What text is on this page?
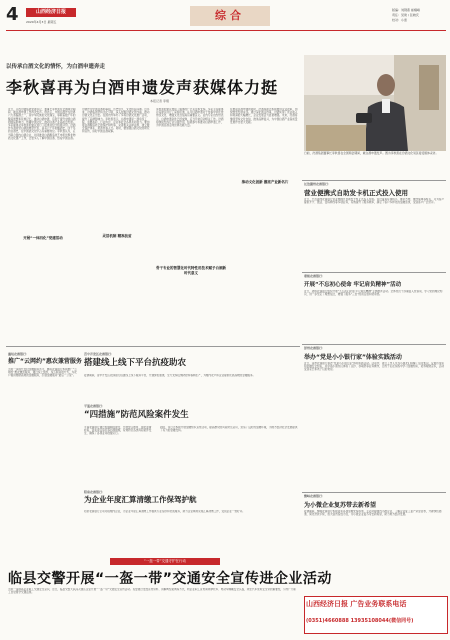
4	山西经济日报
2020年4月3日 星期五	综合	版编：刘钢燕 崔耀峰
责任：吴建 / 张晓庆
校对：小雷
以传承白酒文化的情怀，为白酒申遗奔走
李秋喜再为白酒申遗发声获媒体力挺
本报记者 李翔
近日，山西汾酒集团党委书记、董事长李秋喜在全国两会期间，就白酒申遗工作再次发声。他表示，中国白酒作为世界六大蒸馏酒之一，是中华民族的文化瑰宝，承载着数千年的酿造智慧和民族记忆。推动白酒申遗，有利于提升中国白酒的国际影响力，传播中国文化，推动白酒产业高质量发展。多家媒体对李秋喜的建议进行了报道并给予积极评价。汾酒作为清香型白酒的典型代表，具有六千年的酿酒史、四千年的白酒史，在中国酒文化中占有重要地位。李秋喜认为，应当联合国内白酒企业，共同推进白酒酿造技艺申报世界非物质文化遗产工作，让更多人了解中国白酒、热爱中国白酒。
汾酒作为中国白酒的鼻祖，历史悠久，文化积淀深厚。近年来，汾酒集团坚持文化引领，深入挖掘汾酒文化内涵，推动汾酒文化走出去。在国内外举办了多场汾酒文化推广活动，提升了品牌影响力。李秋喜表示，白酒申遗是一项系统工程，需要政府、行业协会、企业和社会各界共同努力。要加强白酒酿造技艺的保护和传承，完善相关法律法规，建立健全保护体系，培养传承人才。同时，要加强白酒文化的研究和宣传，讲好中国白酒故事。
李秋喜的建议得到了媒体的广泛关注和支持。多家主流媒体对其建议进行了深度报道，认为白酒申遗对于传承中华优秀传统文化、增强文化自信具有重要意义。业内专家也纷纷表示，白酒申遗条件已经成熟，应当尽快启动相关工作。汾酒将继续发挥行业引领作用，积极参与和推动白酒申遗工作，为中国白酒走向世界贡献力量。
在推动白酒申遗的同时，汾酒集团还积极推进企业改革，加快转型发展步伐。通过深化国企改革，汾酒实现了营业收入和利润的大幅增长，企业发展活力显著增强。未来，汾酒将继续坚持文化自信，推进品牌复兴，为中国白酒产业高质量发展作出更大贡献。
开展“一体四化”党建活动	灵活机制 精准扶贫
推动文化创新 擦亮产业新名片
骨干专业的智慧化时代特性用技术赋予白酒新时代意义
日前，汾酒集团董事长李秋喜在全国两会期间，就白酒申遗发声。图为李秋喜在汾酒文化景区接受媒体采访。
长治潞州农商银行：
营业便携式自助发卡机正式投入使用
近日，长治潞州农商银行营业便携式自助发卡机正式投入使用。该设备具有体积小、携带方便、操作简单等特点，可为客户提供开卡、激活、密码修改等多项业务，有效提升了服务效率，满足了客户多样化的金融需求，受到客户广泛好评。
娄烦农商银行：
开展“不忘初心使命 牢记肩负精神”活动
近日，娄烦农商银行组织开展“不忘初心使命 牢记肩负精神”主题教育活动。全体党员干部重温入党誓词，学习党的理论知识，进一步坚定了理想信念，增强了服务“三农”的责任感和使命感。
泽州农商银行：
举办“党是小小银行家”体验实践活动
近日，泽州农商银行举办“党是小小银行家”体验实践活动。活动中，银行工作人员为小朋友们讲解了货币知识、反假币常识和金融安全知识，并带领小朋友们体验了点钞、存取款等业务操作，让孩子们在实践中学习金融知识，培养理财意识，活动受到家长和孩子们的欢迎。
繁峙农商银行：
为小微企业复苏带去新希望
疫情期间，繁峙农商银行积极落实各项金融支持政策，主动对接辖内小微企业，了解企业复工复产资金需求，开辟绿色通道，简化贷款手续，加大信贷投放力度，为小微企业复苏带去新希望，助力地方经济发展。
襄垣农商银行：
推广“云网约”惠农兼营服务
为进一步提升农村金融服务水平，襄垣农商银行积极推广“云网约”惠农兼营服务，通过线上预约、线下服务的方式，为农户提供便捷高效的金融服务，打通金融服务“最后一公里”。
晋中开发区农商银行：
搭建线上线下平台抗疫助农
疫情期间，晋中开发区农商银行搭建线上线下服务平台，开通绿色通道，全力支持疫情防控和春耕生产，为辖内农户和企业提供优质高效的金融服务。
平遥农商银行：
“四措施”防范风险案件发生
平遥农商银行通过加强制度建设、开展警示教育、强化监督检查、落实责任追究等四项措施，有效防范各类风险案件发生，确保了各项业务稳健运行。
阳泉农商银行：
为企业年度汇算清缴工作保驾护航
阳泉农商银行主动对接辖内企业，为企业年度汇算清缴工作提供专业指导和优质服务，助力企业顺利完成汇算清缴工作，受到企业一致好评。
同时，该行还积极开展金融知识宣传活动，提高群众的风险防范意识，营造了良好的金融环境，为地方经济社会发展提供了有力的金融支持。
“一盔一带”交通守护在行动
临县交警开展“一盔一带”交通安全宣传进企业活动
为进一步提高企业职工交通安全意识，近日，临县交警大队深入辖区企业开展“一盔一带”交通安全宣传活动。民警通过发放宣传资料、讲解典型案例等方式，向企业职工宣传骑乘摩托车、电动车佩戴安全头盔，乘坐汽车使用安全带的重要性，引导广大职工自觉遵守交通法规。
山西经济日报 广告业务联系电话
(0351)4660888 13935108044(微信同号)
